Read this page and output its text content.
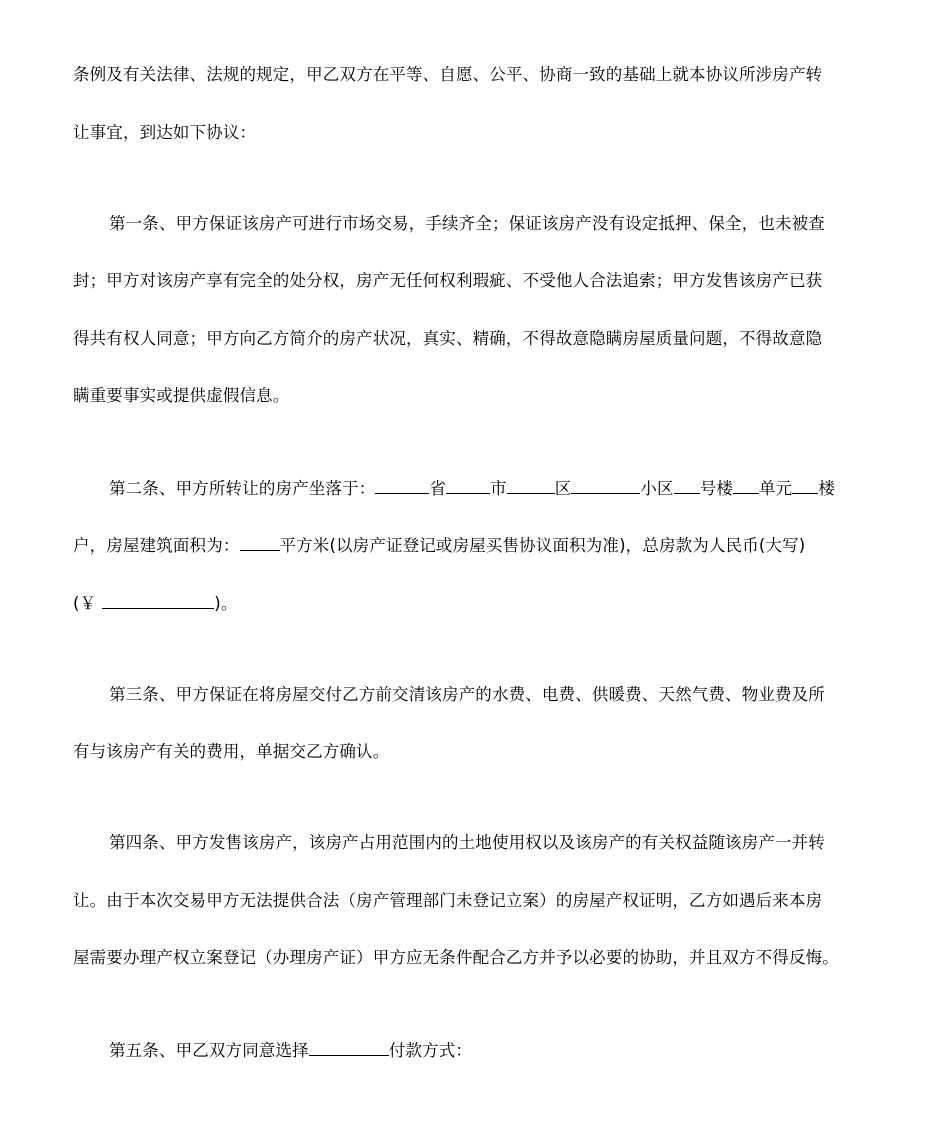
条例及有关法律、法规的规定，甲乙双方在平等、自愿、公平、协商一致的基础上就本协议所涉房产转
让事宜，到达如下协议：
第一条、甲方保证该房产可进行市场交易，手续齐全；保证该房产没有设定抵押、保全，也未被查
封；甲方对该房产享有完全的处分权，房产无任何权利瑕疵、不受他人合法追索；甲方发售该房产已获
得共有权人同意；甲方向乙方简介的房产状况，真实、精确，不得故意隐瞒房屋质量问题，不得故意隐
瞒重要事实或提供虚假信息。
第二条、甲方所转让的房产坐落于：	省	市	区	小区 号楼 单元 楼
户，房屋建筑面积为： 平方米(以房产证登记或房屋买售协议面积为准)，总房款为人民币(大写)
(￥	)。
第三条、甲方保证在将房屋交付乙方前交清该房产的水费、电费、供暖费、天然气费、物业费及所
有与该房产有关的费用，单据交乙方确认。
第四条、甲方发售该房产，该房产占用范围内的土地使用权以及该房产的有关权益随该房产一并转
让。由于本次交易甲方无法提供合法（房产管理部门未登记立案）的房屋产权证明，乙方如遇后来本房
屋需要办理产权立案登记（办理房产证）甲方应无条件配合乙方并予以必要的协助，并且双方不得反悔。
第五条、甲乙双方同意选择	付款方式：
